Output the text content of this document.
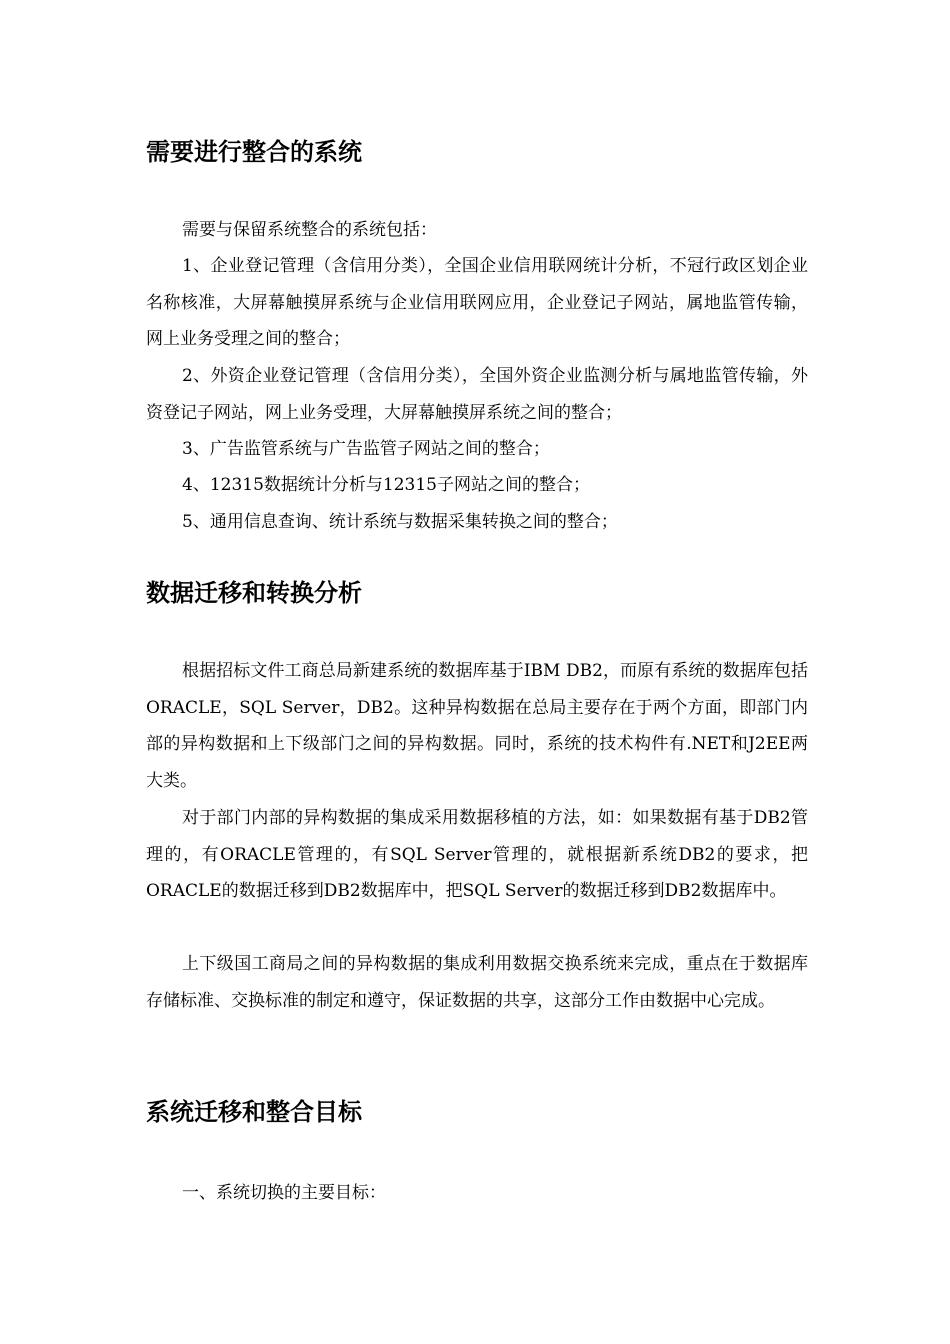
需要进行整合的系统

需要与保留系统整合的系统包括：

1、企业登记管理（含信用分类），全国企业信用联网统计分析，不冠行政区划企业名称核准，大屏幕触摸屏系统与企业信用联网应用，企业登记子网站，属地监管传输，网上业务受理之间的整合；

2、外资企业登记管理（含信用分类），全国外资企业监测分析与属地监管传输，外资登记子网站，网上业务受理，大屏幕触摸屏系统之间的整合；

3、广告监管系统与广告监管子网站之间的整合；

4、12315数据统计分析与12315子网站之间的整合；

5、通用信息查询、统计系统与数据采集转换之间的整合；

数据迁移和转换分析

根据招标文件工商总局新建系统的数据库基于IBM DB2，而原有系统的数据库包括ORACLE，SQL Server，DB2。这种异构数据在总局主要存在于两个方面，即部门内部的异构数据和上下级部门之间的异构数据。同时，系统的技术构件有.NET和J2EE两大类。

对于部门内部的异构数据的集成采用数据移植的方法，如：如果数据有基于DB2管理的，有ORACLE管理的，有SQL Server管理的，就根据新系统DB2的要求，把ORACLE的数据迁移到DB2数据库中，把SQL Server的数据迁移到DB2数据库中。

上下级国工商局之间的异构数据的集成利用数据交换系统来完成，重点在于数据库存储标准、交换标准的制定和遵守，保证数据的共享，这部分工作由数据中心完成。

系统迁移和整合目标

一、系统切换的主要目标：
